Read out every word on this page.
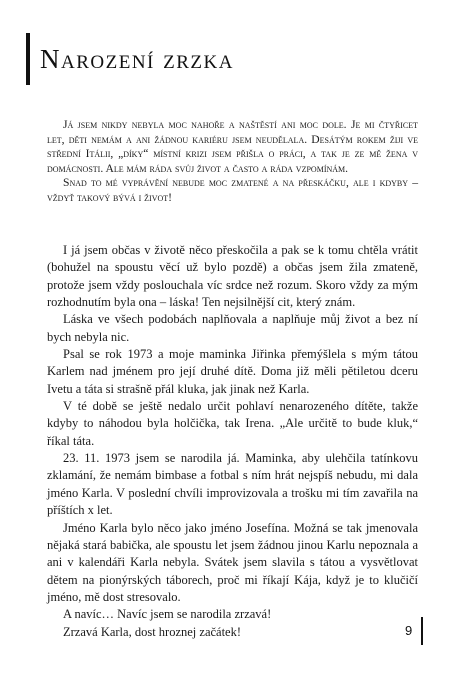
Narození zrzka

Já jsem nikdy nebyla moc nahoře a naštěstí ani moc dole. Je mi čtyřicet let, děti nemám a ani žádnou kariéru jsem neudělala. Desátým rokem žiji ve střední Itálii, „díky“ místní krizi jsem přišla o práci, a tak je ze mě žena v domácnosti. Ale mám ráda svůj život a často a ráda vzpomínám.

Snad to mé vyprávění nebude moc zmatené a na přeskáčku, ale i kdyby – vždyť takový bývá i život!

I já jsem občas v životě něco přeskočila a pak se k tomu chtěla vrátit (bohužel na spoustu věcí už bylo pozdě) a občas jsem žila zmateně, protože jsem vždy poslouchala víc srdce než rozum. Skoro vždy za mým rozhodnutím byla ona – láska! Ten nejsilnější cit, který znám.

Láska ve všech podobách naplňovala a naplňuje můj život a bez ní bych nebyla nic.

Psal se rok 1973 a moje maminka Jiřinka přemýšlela s mým tátou Karlem nad jménem pro její druhé dítě. Doma již měli pětiletou dceru Ivetu a táta si strašně přál kluka, jak jinak než Karla.

V té době se ještě nedalo určit pohlaví nenarozeného dítěte, takže kdyby to náhodou byla holčička, tak Irena. „Ale určitě to bude kluk,“ říkal táta.

23. 11. 1973 jsem se narodila já. Maminka, aby ulehčila tatínkovu zklamání, že nemám bimbase a fotbal s ním hrát nejspíš nebudu, mi dala jméno Karla. V poslední chvíli improvizovala a trošku mi tím zavařila na příštích x let.

Jméno Karla bylo něco jako jméno Josefína. Možná se tak jmenovala nějaká stará babička, ale spoustu let jsem žádnou jinou Karlu nepoznala a ani v kalendáři Karla nebyla. Svátek jsem slavila s tátou a vysvětlovat dětem na pionýrských táborech, proč mi říkají Kája, když je to klučičí jméno, mě dost stresovalo.

A navíc… Navíc jsem se narodila zrzavá!

Zrzavá Karla, dost hroznej začátek!	9
